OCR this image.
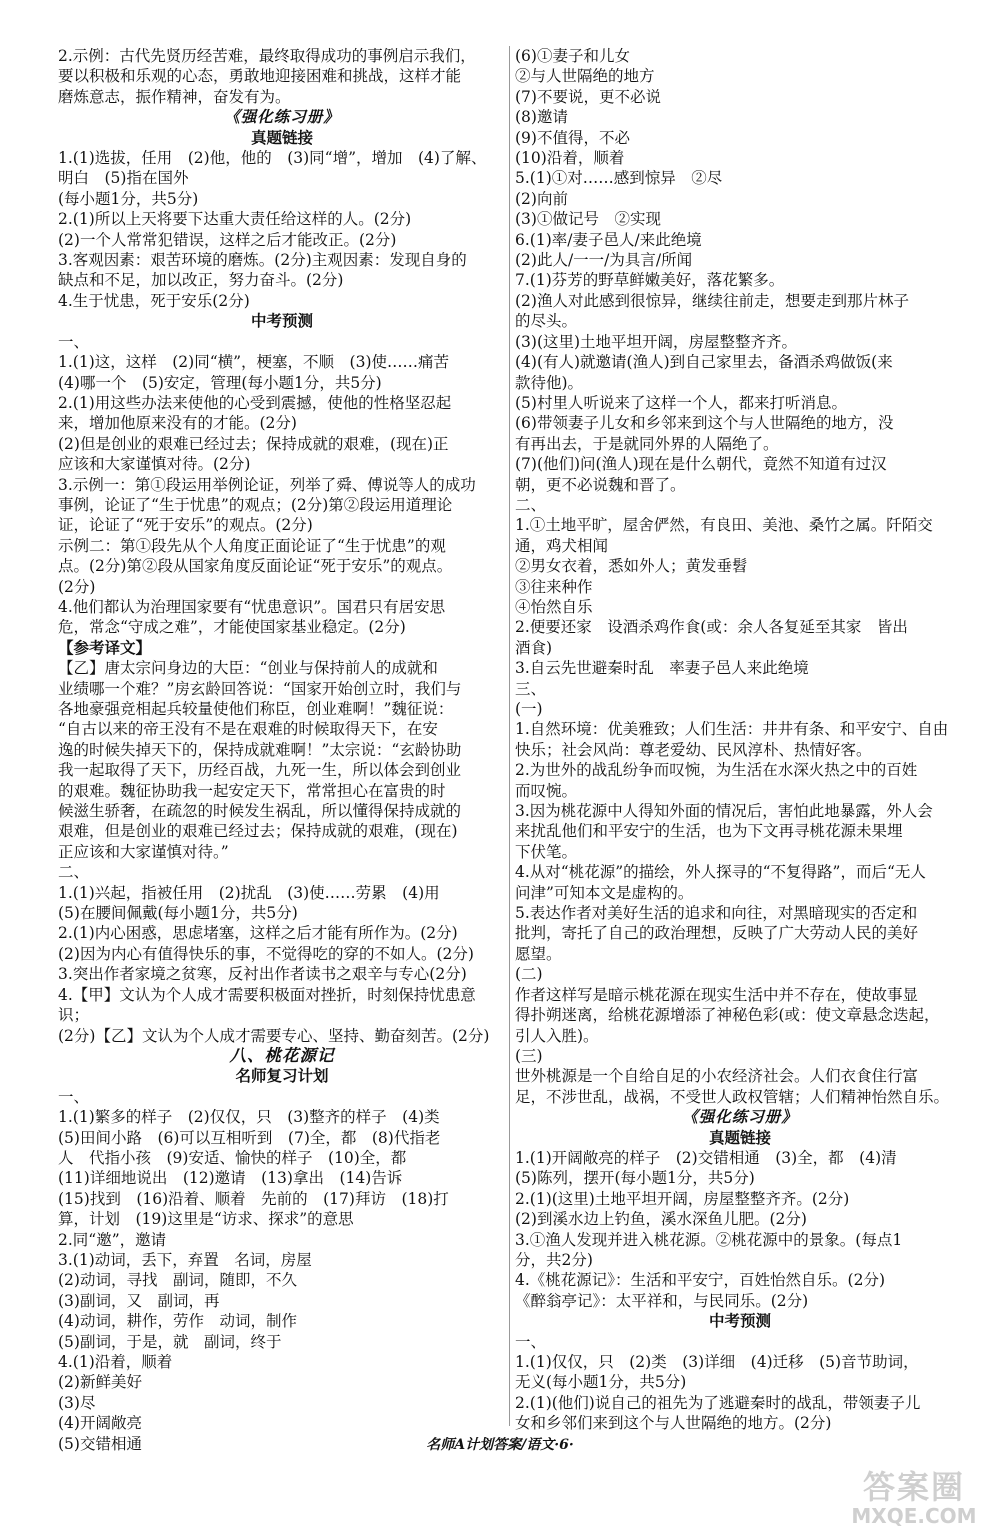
2.示例：古代先贤历经苦难，最终取得成功的事例启示我们，
要以积极和乐观的心态，勇敢地迎接困难和挑战，这样才能
磨炼意志，振作精神，奋发有为。
《强化练习册》
真题链接
1.(1)选拔，任用　(2)他，他的　(3)同“增”，增加　(4)了解、
明白　(5)指在国外
(每小题1分，共5分)
2.(1)所以上天将要下达重大责任给这样的人。(2分)
(2)一个人常常犯错误，这样之后才能改正。(2分)
3.客观因素：艰苦环境的磨炼。(2分)主观因素：发现自身的
缺点和不足，加以改正，努力奋斗。(2分)
4.生于忧患，死于安乐(2分)
中考预测
一、
1.(1)这，这样　(2)同“横”，梗塞，不顺　(3)使……痛苦
(4)哪一个　(5)安定，管理(每小题1分，共5分)
2.(1)用这些办法来使他的心受到震撼，使他的性格坚忍起
来，增加他原来没有的才能。(2分)
(2)但是创业的艰难已经过去；保持成就的艰难，(现在)正
应该和大家谨慎对待。(2分)
3.示例一：第①段运用举例论证，列举了舜、傅说等人的成功
事例，论证了“生于忧患”的观点；(2分)第②段运用道理论
证，论证了“死于安乐”的观点。(2分)
示例二：第①段先从个人角度正面论证了“生于忧患”的观
点。(2分)第②段从国家角度反面论证“死于安乐”的观点。
(2分)
4.他们都认为治理国家要有“忧患意识”。国君只有居安思
危，常念“守成之难”，才能使国家基业稳定。(2分)
【参考译文】
【乙】唐太宗问身边的大臣：“创业与保持前人的成就和
业绩哪一个难？”房玄龄回答说：“国家开始创立时，我们与
各地豪强竞相起兵较量使他们称臣，创业难啊！”魏征说：
“自古以来的帝王没有不是在艰难的时候取得天下，在安
逸的时候失掉天下的，保持成就难啊！”太宗说：“玄龄协助
我一起取得了天下，历经百战，九死一生，所以体会到创业
的艰难。魏征协助我一起安定天下，常常担心在富贵的时
候滋生骄奢，在疏忽的时候发生祸乱，所以懂得保持成就的
艰难，但是创业的艰难已经过去；保持成就的艰难，(现在)
正应该和大家谨慎对待。”
二、
1.(1)兴起，指被任用　(2)扰乱　(3)使……劳累　(4)用
(5)在腰间佩戴(每小题1分，共5分)
2.(1)内心困惑，思虑堵塞，这样之后才能有所作为。(2分)
(2)因为内心有值得快乐的事，不觉得吃的穿的不如人。(2分)
3.突出作者家境之贫寒，反衬出作者读书之艰辛与专心(2分)
4.【甲】文认为个人成才需要积极面对挫折，时刻保持忧患意识；
(2分)【乙】文认为个人成才需要专心、坚持、勤奋刻苦。(2分)
八、桃花源记
名师复习计划
一、
1.(1)繁多的样子　(2)仅仅，只　(3)整齐的样子　(4)类
(5)田间小路　(6)可以互相听到　(7)全，都　(8)代指老
人　代指小孩　(9)安适、愉快的样子　(10)全，都
(11)详细地说出　(12)邀请　(13)拿出　(14)告诉
(15)找到　(16)沿着、顺着　先前的　(17)拜访　(18)打
算，计划　(19)这里是“访求、探求”的意思
2.同“邀”，邀请
3.(1)动词，丢下，弃置　名词，房屋
(2)动词，寻找　副词，随即，不久
(3)副词，又　副词，再
(4)动词，耕作，劳作　动词，制作
(5)副词，于是，就　副词，终于
4.(1)沿着，顺着
(2)新鲜美好
(3)尽
(4)开阔敞亮
(5)交错相通
(6)①妻子和儿女
②与人世隔绝的地方
(7)不要说，更不必说
(8)邀请
(9)不值得，不必
(10)沿着，顺着
5.(1)①对……感到惊异　②尽
(2)向前
(3)①做记号　②实现
6.(1)率/妻子邑人/来此绝境
(2)此人/一一/为具言/所闻
7.(1)芬芳的野草鲜嫩美好，落花繁多。
(2)渔人对此感到很惊异，继续往前走，想要走到那片林子
的尽头。
(3)(这里)土地平坦开阔，房屋整整齐齐。
(4)(有人)就邀请(渔人)到自己家里去，备酒杀鸡做饭(来
款待他)。
(5)村里人听说来了这样一个人，都来打听消息。
(6)带领妻子儿女和乡邻来到这个与人世隔绝的地方，没
有再出去，于是就同外界的人隔绝了。
(7)(他们)问(渔人)现在是什么朝代，竟然不知道有过汉
朝，更不必说魏和晋了。
二、
1.①土地平旷，屋舍俨然，有良田、美池、桑竹之属。阡陌交
通，鸡犬相闻
②男女衣着，悉如外人；黄发垂髫
③往来种作
④怡然自乐
2.便要还家　设酒杀鸡作食(或：余人各复延至其家　皆出
酒食)
3.自云先世避秦时乱　率妻子邑人来此绝境
三、
(一)
1.自然环境：优美雅致；人们生活：井井有条、和平安宁、自由
快乐；社会风尚：尊老爱幼、民风淳朴、热情好客。
2.为世外的战乱纷争而叹惋，为生活在水深火热之中的百姓
而叹惋。
3.因为桃花源中人得知外面的情况后，害怕此地暴露，外人会
来扰乱他们和平安宁的生活，也为下文再寻桃花源未果埋
下伏笔。
4.从对“桃花源”的描绘，外人探寻的“不复得路”，而后“无人
问津”可知本文是虚构的。
5.表达作者对美好生活的追求和向往，对黑暗现实的否定和
批判，寄托了自己的政治理想，反映了广大劳动人民的美好
愿望。
(二)
作者这样写是暗示桃花源在现实生活中并不存在，使故事显
得扑朔迷离，给桃花源增添了神秘色彩(或：使文章悬念迭起，
引人入胜)。
(三)
世外桃源是一个自给自足的小农经济社会。人们衣食住行富
足，不涉世乱，战祸，不受世人政权管辖；人们精神怡然自乐。
《强化练习册》
真题链接
1.(1)开阔敞亮的样子　(2)交错相通　(3)全，都　(4)清
(5)陈列，摆开(每小题1分，共5分)
2.(1)(这里)土地平坦开阔，房屋整整齐齐。(2分)
(2)到溪水边上钓鱼，溪水深鱼儿肥。(2分)
3.①渔人发现并进入桃花源。②桃花源中的景象。(每点1
分，共2分)
4.《桃花源记》：生活和平安宁，百姓怡然自乐。(2分)
《醉翁亭记》：太平祥和，与民同乐。(2分)
中考预测
一、
1.(1)仅仅，只　(2)类　(3)详细　(4)迁移　(5)音节助词，
无义(每小题1分，共5分)
2.(1)(他们)说自己的祖先为了逃避秦时的战乱，带领妻子儿
女和乡邻们来到这个与人世隔绝的地方。(2分)
名师A计划答案/语文·6·
答案圈
MXQE.COM
